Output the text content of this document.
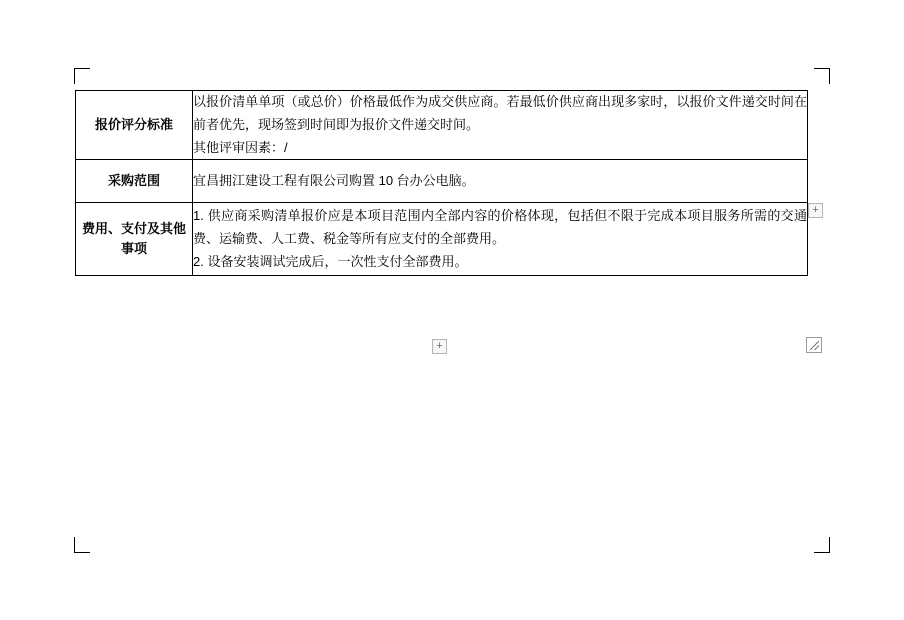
报价评分标准	以报价清单单项（或总价）价格最低作为成交供应商。若最低价供应商出现多家时，以报价文件递交时间在前者优先，现场签到时间即为报价文件递交时间。

其他评审因素：/

采购范围	宜昌拥江建设工程有限公司购置 10 台办公电脑。

费用、支付及其他事项	1. 供应商采购清单报价应是本项目范围内全部内容的价格体现，包括但不限于完成本项目服务所需的交通费、运输费、人工费、税金等所有应支付的全部费用。

2. 设备安装调试完成后，一次性支付全部费用。

+
+
